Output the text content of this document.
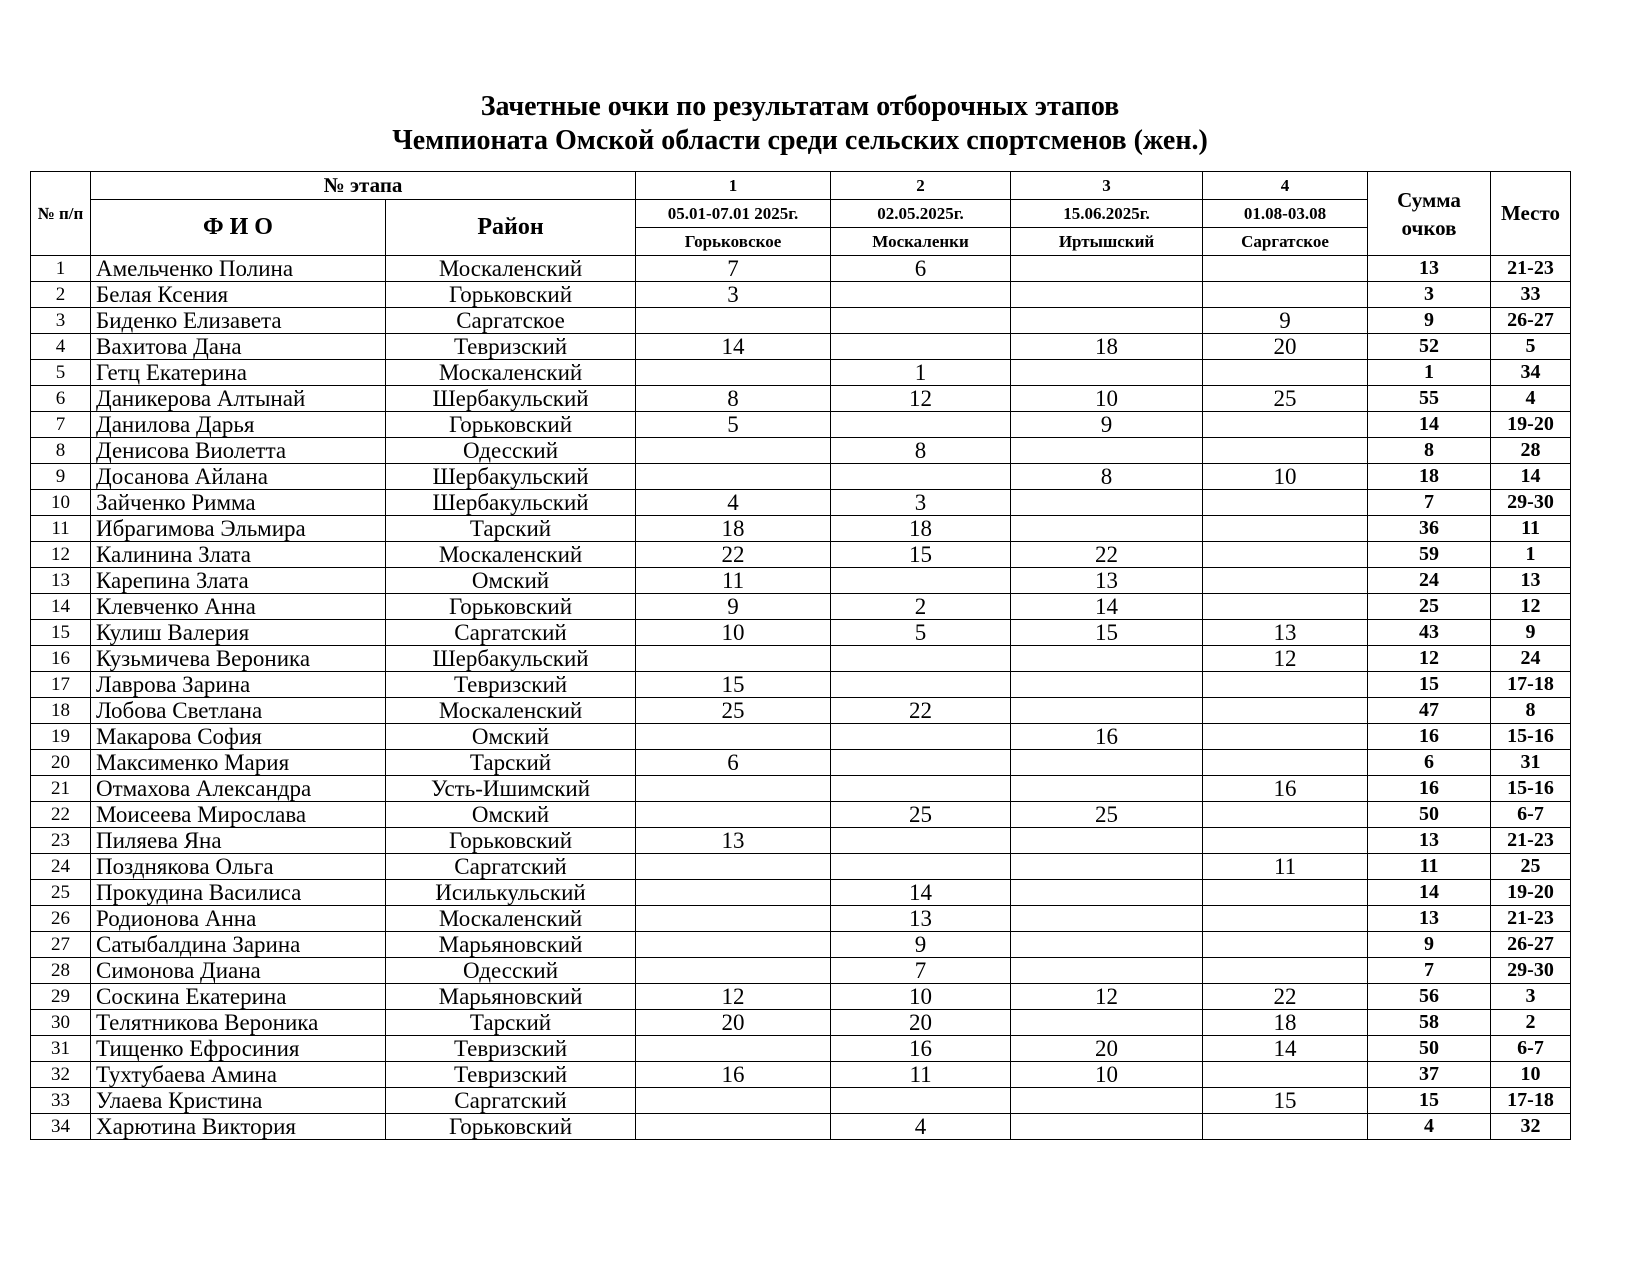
Зачетные очки по результатам отборочных этапов
Чемпионата Омской области среди сельских спортсменов (жен.)
№ п/п	№ этапа		1	2	3	4	Сумма очков	Место
	Ф И О	Район	05.01-07.01 2025г.	02.05.2025г.	15.06.2025г.	01.08-03.08		
			Горьковское	Москаленки	Иртышский	Саргатское		
1	Амельченко Полина	Москаленский	7	6			13	21-23
2	Белая Ксения	Горьковский	3				3	33
3	Биденко Елизавета	Саргатское				9	9	26-27
4	Вахитова Дана	Тевризский	14		18	20	52	5
5	Гетц Екатерина	Москаленский		1			1	34
6	Даникерова Алтынай	Шербакульский	8	12	10	25	55	4
7	Данилова Дарья	Горьковский	5		9		14	19-20
8	Денисова Виолетта	Одесский		8			8	28
9	Досанова Айлана	Шербакульский			8	10	18	14
10	Зайченко Римма	Шербакульский	4	3			7	29-30
11	Ибрагимова Эльмира	Тарский	18	18			36	11
12	Калинина Злата	Москаленский	22	15	22		59	1
13	Карепина Злата	Омский	11		13		24	13
14	Клевченко Анна	Горьковский	9	2	14		25	12
15	Кулиш Валерия	Саргатский	10	5	15	13	43	9
16	Кузьмичева Вероника	Шербакульский				12	12	24
17	Лаврова Зарина	Тевризский	15				15	17-18
18	Лобова Светлана	Москаленский	25	22			47	8
19	Макарова София	Омский			16		16	15-16
20	Максименко Мария	Тарский	6				6	31
21	Отмахова Александра	Усть-Ишимский				16	16	15-16
22	Моисеева Мирослава	Омский		25	25		50	6-7
23	Пиляева Яна	Горьковский	13				13	21-23
24	Позднякова Ольга	Саргатский				11	11	25
25	Прокудина Василиса	Исилькульский		14			14	19-20
26	Родионова Анна	Москаленский		13			13	21-23
27	Сатыбалдина Зарина	Марьяновский		9			9	26-27
28	Симонова Диана	Одесский		7			7	29-30
29	Соскина Екатерина	Марьяновский	12	10	12	22	56	3
30	Телятникова Вероника	Тарский	20	20		18	58	2
31	Тищенко Ефросиния	Тевризский		16	20	14	50	6-7
32	Тухтубаева Амина	Тевризский	16	11	10		37	10
33	Улаева Кристина	Саргатский				15	15	17-18
34	Харютина Виктория	Горьковский		4			4	32
